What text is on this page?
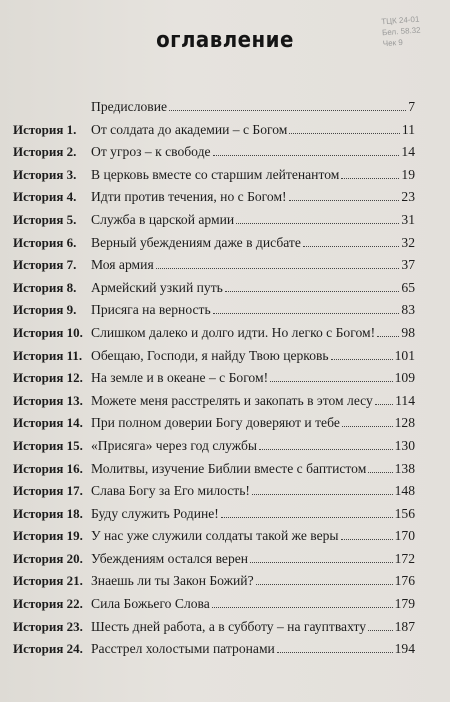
ТЦК 24-01
Бел. 58.32
Чек 9
оглавление
Предисловие	7
История 1.	От солдата до академии – с Богом	11
История 2.	От угроз – к свободе	14
История 3.	В церковь вместе со старшим лейтенантом	19
История 4.	Идти против течения, но с Богом!	23
История 5.	Служба в царской армии	31
История 6.	Верный убеждениям даже в дисбате	32
История 7.	Моя армия	37
История 8.	Армейский узкий путь	65
История 9.	Присяга на верность	83
История 10. Слишком далеко и долго идти. Но легко с Богом! 98
История 11. Обещаю, Господи, я найду Твою церковь	101
История 12. На земле и в океане – с Богом!	109
История 13. Можете меня расстрелять и закопать в этом лесу 114
История 14. При полном доверии Богу доверяют и тебе	128
История 15. «Присяга» через год службы	130
История 16. Молитвы, изучение Библии вместе с баптистом 138
История 17. Слава Богу за Его милость!	148
История 18. Буду служить Родине!	156
История 19. У нас уже служили солдаты такой же веры	170
История 20. Убеждениям остался верен	172
История 21. Знаешь ли ты Закон Божий?	176
История 22. Сила Божьего Слова	179
История 23. Шесть дней работа, а в субботу – на гауптвахту 187
История 24. Расстрел холостыми патронами	194
